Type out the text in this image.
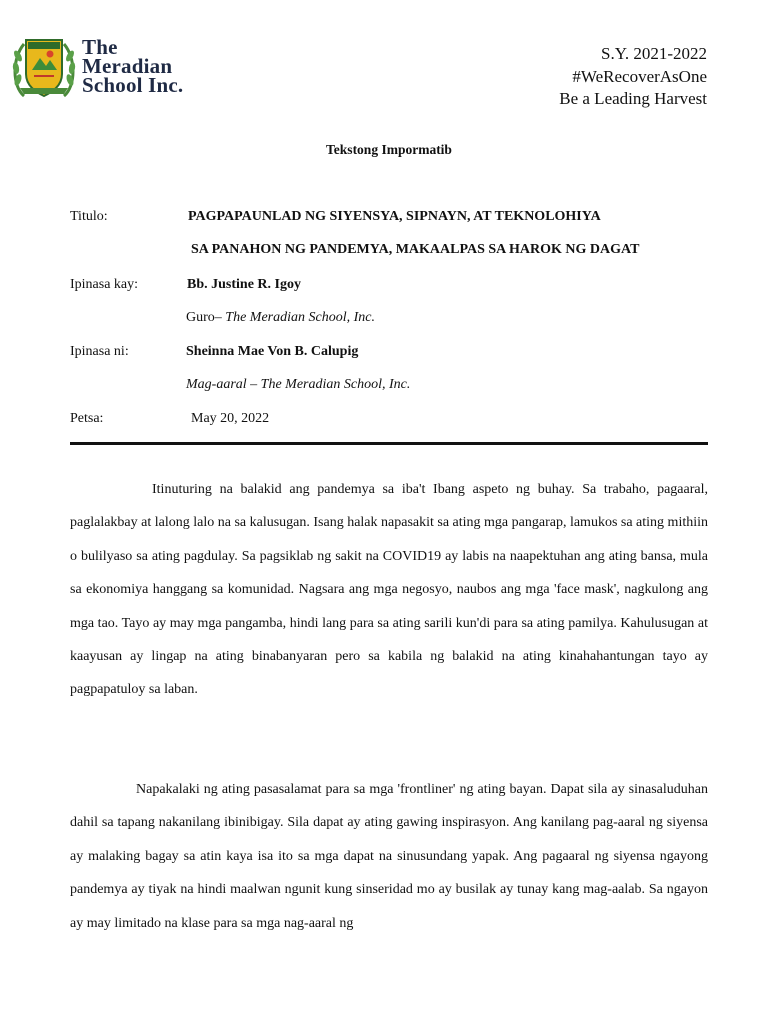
The
Meradian
School Inc.
S.Y. 2021-2022
#WeRecoverAsOne
Be a Leading Harvest
Tekstong Impormatib
Titulo:	PAGPAPAUNLAD NG SIYENSYA, SIPNAYN, AT TEKNOLOHIYA
SA PANAHON NG PANDEMYA, MAKAALPAS SA HAROK NG DAGAT
Ipinasa kay:	Bb. Justine R. Igoy
Guro– The Meradian School, Inc.
Ipinasa ni:	Sheinna Mae Von B. Calupig
Mag-aaral – The Meradian School, Inc.
Petsa:	May 20, 2022

Itinuturing na balakid ang pandemya sa iba't Ibang aspeto ng buhay. Sa trabaho, pagaaral, paglalakbay at lalong lalo na sa kalusugan. Isang halak napasakit sa ating mga pangarap, lamukos sa ating mithiin o bulilyaso sa ating pagdulay. Sa pagsiklab ng sakit na COVID19 ay labis na naapektuhan ang ating bansa, mula sa ekonomiya hanggang sa komunidad. Nagsara ang mga negosyo, naubos ang mga 'face mask', nagkulong ang mga tao. Tayo ay may mga pangamba, hindi lang para sa ating sarili kun'di para sa ating pamilya. Kahulusugan at kaayusan ay lingap na ating binabanyaran pero sa kabila ng balakid na ating kinahahantungan tayo ay pagpapatuloy sa laban.

Napakalaki ng ating pasasalamat para sa mga 'frontliner' ng ating bayan. Dapat sila ay sinasaluduhan dahil sa tapang nakanilang ibinibigay. Sila dapat ay ating gawing inspirasyon. Ang kanilang pag-aaral ng siyensa ay malaking bagay sa atin kaya isa ito sa mga dapat na sinusundang yapak. Ang pagaaral ng siyensa ngayong pandemya ay tiyak na hindi maalwan ngunit kung sinseridad mo ay busilak ay tunay kang mag-aalab. Sa ngayon ay may limitado na klase para sa mga nag-aaral ng
